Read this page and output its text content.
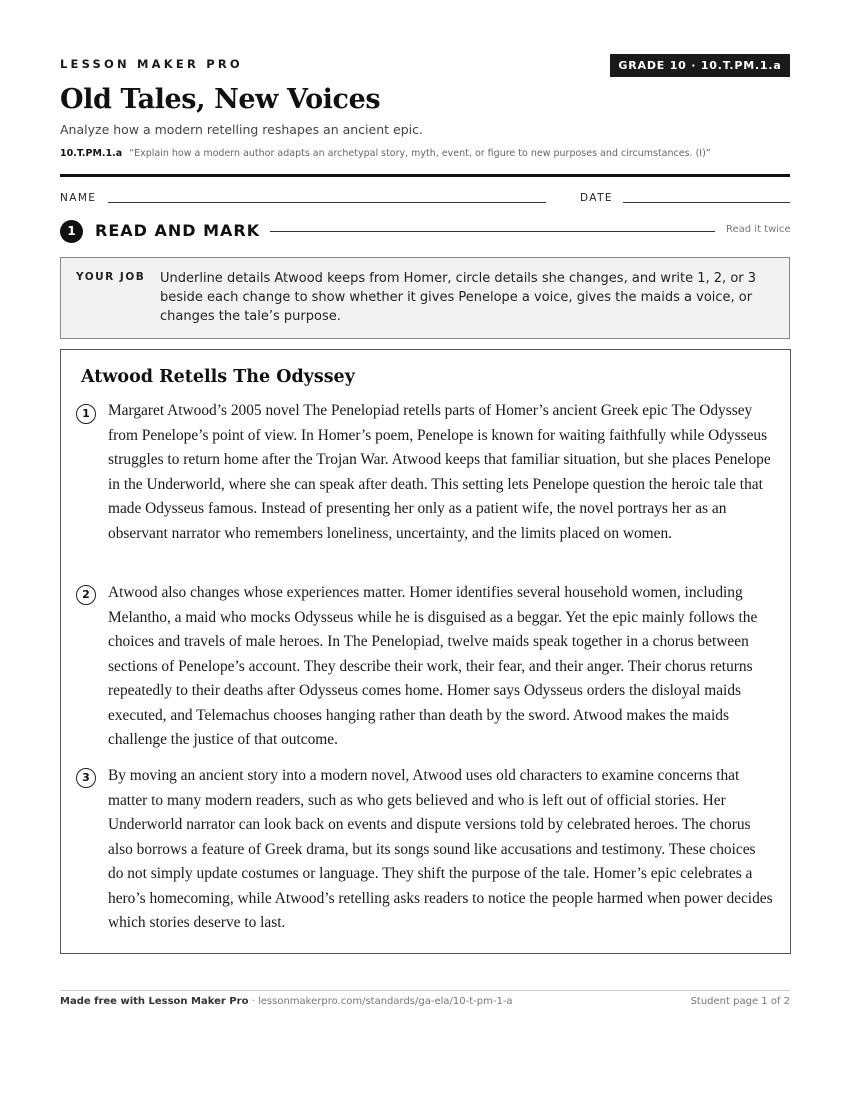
LESSON MAKER PRO	GRADE 10 · 10.T.PM.1.a
Old Tales, New Voices
Analyze how a modern retelling reshapes an ancient epic.
10.T.PM.1.a “Explain how a modern author adapts an archetypal story, myth, event, or figure to new purposes and circumstances. (I)”
NAME	DATE
1	READ AND MARK	Read it twice
YOUR JOB Underline details Atwood keeps from Homer, circle details she changes, and write 1, 2, or 3 beside each change to show whether it gives Penelope a voice, gives the maids a voice, or changes the tale’s purpose.
Atwood Retells The Odyssey
1	Margaret Atwood’s 2005 novel The Penelopiad retells parts of Homer’s ancient Greek epic The Odyssey from Penelope’s point of view. In Homer’s poem, Penelope is known for waiting faithfully while Odysseus struggles to return home after the Trojan War. Atwood keeps that familiar situation, but she places Penelope in the Underworld, where she can speak after death. This setting lets Penelope question the heroic tale that made Odysseus famous. Instead of presenting her only as a patient wife, the novel portrays her as an observant narrator who remembers loneliness, uncertainty, and the limits placed on women.

2	Atwood also changes whose experiences matter. Homer identifies several household women, including Melantho, a maid who mocks Odysseus while he is disguised as a beggar. Yet the epic mainly follows the choices and travels of male heroes. In The Penelopiad, twelve maids speak together in a chorus between sections of Penelope’s account. They describe their work, their fear, and their anger. Their chorus returns repeatedly to their deaths after Odysseus comes home. Homer says Odysseus orders the disloyal maids executed, and Telemachus chooses hanging rather than death by the sword. Atwood makes the maids challenge the justice of that outcome.

3	By moving an ancient story into a modern novel, Atwood uses old characters to examine concerns that matter to many modern readers, such as who gets believed and who is left out of official stories. Her Underworld narrator can look back on events and dispute versions told by celebrated heroes. The chorus also borrows a feature of Greek drama, but its songs sound like accusations and testimony. These choices do not simply update costumes or language. They shift the purpose of the tale. Homer’s epic celebrates a hero’s homecoming, while Atwood’s retelling asks readers to notice the people harmed when power decides which stories deserve to last.

Made free with Lesson Maker Pro · lessonmakerpro.com/standards/ga-ela/10-t-pm-1-a	Student page 1 of 2
